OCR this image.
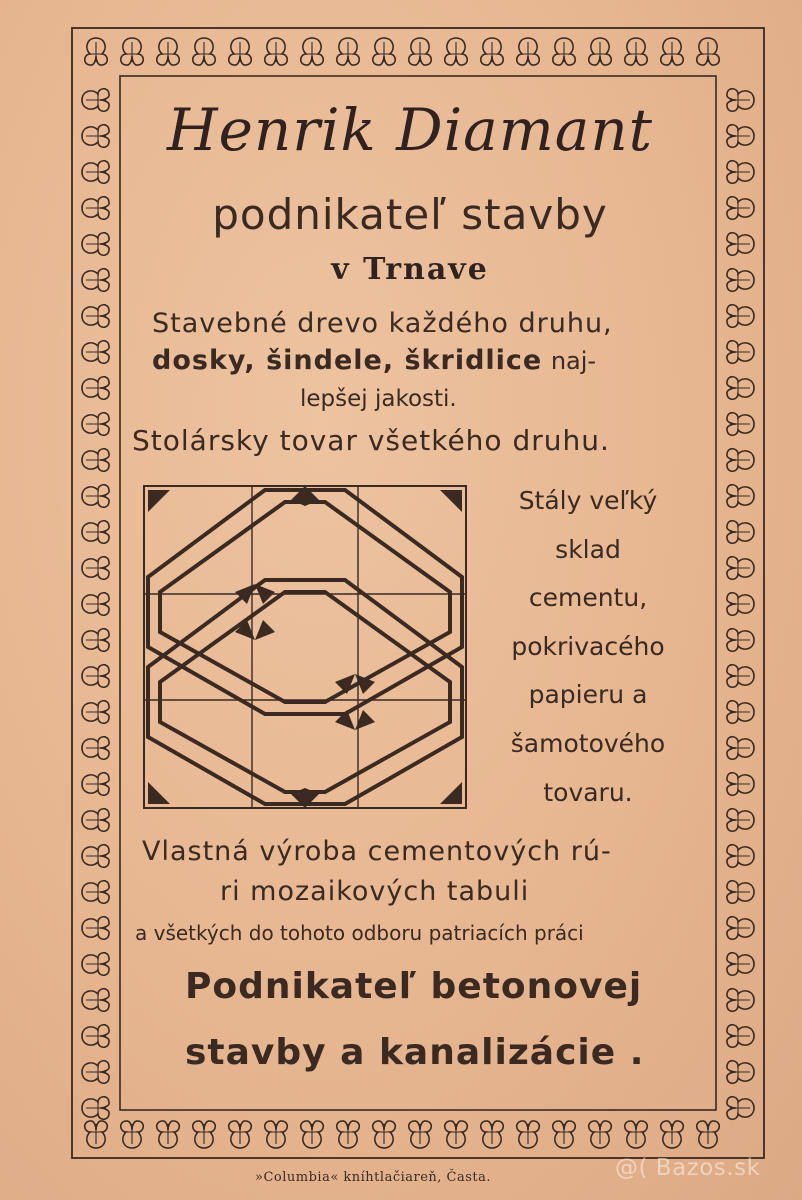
Henrik Diamant
podnikateľ stavby
v Trnave
Stavebné drevo každého druhu,
dosky, šindele, škridlice naj-
lepšej jakosti.
Stolársky tovar všetkého druhu.
Stály veľký
sklad
cementu,
pokrivacého
papieru a
šamotového
tovaru.
Vlastná výroba cementových rú-
ri mozaikových tabuli
a všetkých do tohoto odboru patriacích práci
Podnikateľ betonovej
stavby a kanalizácie .
»Columbia« kníhtlačiareň, Časta.	@( Bazos.sk
